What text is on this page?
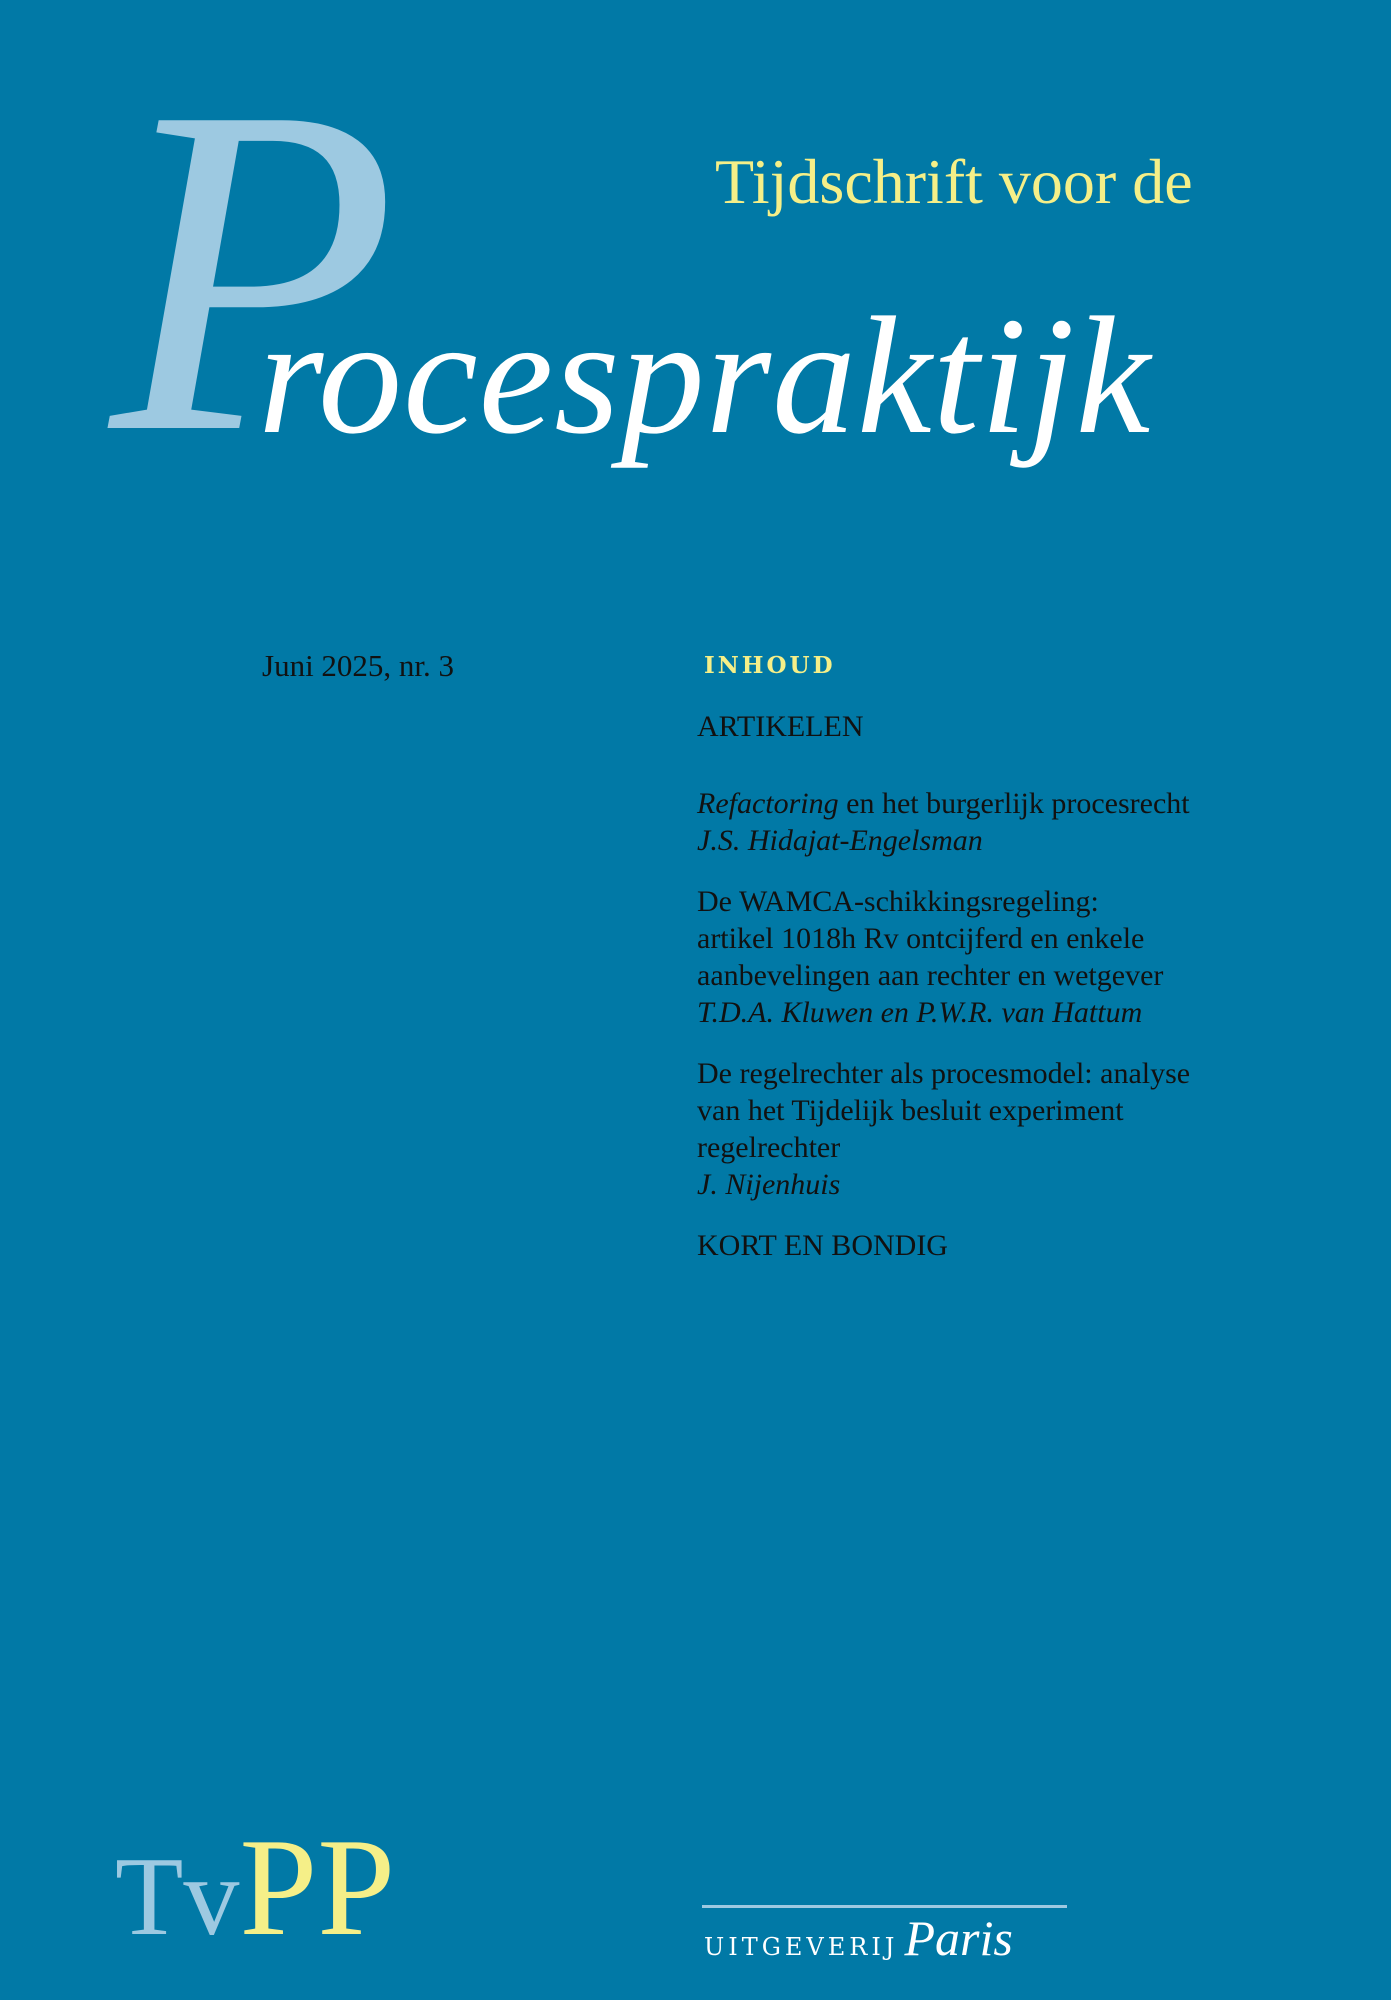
P	Tijdschrift voor de
rocespraktijk
Juni 2025, nr. 3	INHOUD
ARTIKELEN
Refactoring en het burgerlijk procesrecht
J.S. Hidajat-Engelsman
De WAMCA-schikkingsregeling:
artikel 1018h Rv ontcijferd en enkele
aanbevelingen aan rechter en wetgever
T.D.A. Kluwen en P.W.R. van Hattum
De regelrechter als procesmodel: analyse
van het Tijdelijk besluit experiment
regelrechter
J. Nijenhuis
KORT EN BONDIG
TvPP	UITGEVERIJ Paris
